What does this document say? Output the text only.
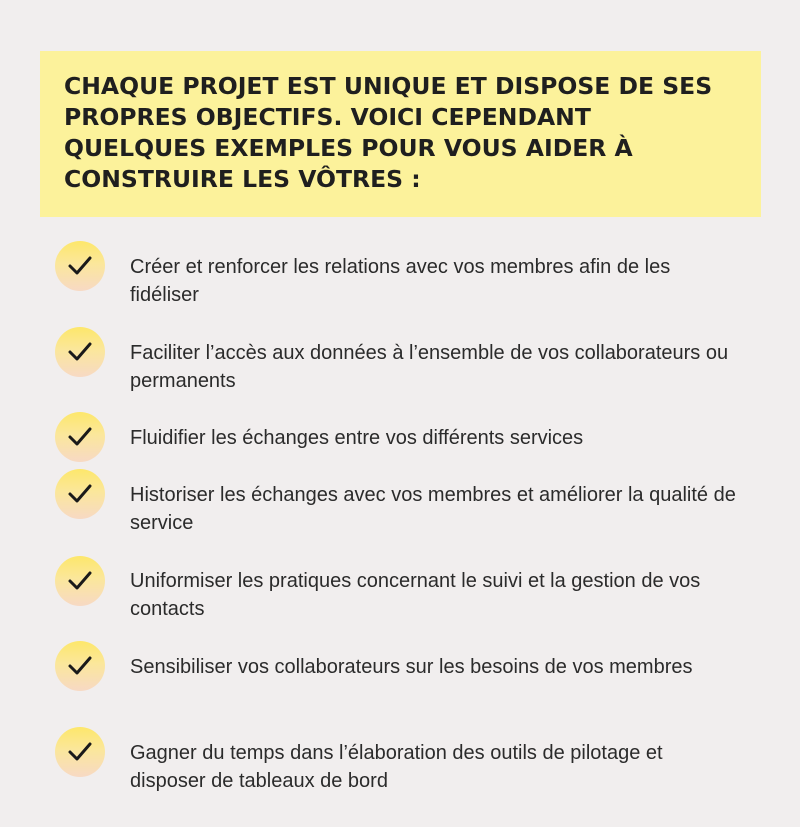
CHAQUE PROJET EST UNIQUE ET DISPOSE DE SES PROPRES OBJECTIFS. VOICI CEPENDANT QUELQUES EXEMPLES POUR VOUS AIDER À CONSTRUIRE LES VÔTRES :

Créer et renforcer les relations avec vos membres afin de les fidéliser

Faciliter l’accès aux données à l’ensemble de vos collaborateurs ou permanents

Fluidifier les échanges entre vos différents services

Historiser les échanges avec vos membres et améliorer la qualité de service

Uniformiser les pratiques concernant le suivi et la gestion de vos contacts

Sensibiliser vos collaborateurs sur les besoins de vos membres

Gagner du temps dans l’élaboration des outils de pilotage et disposer de tableaux de bord
